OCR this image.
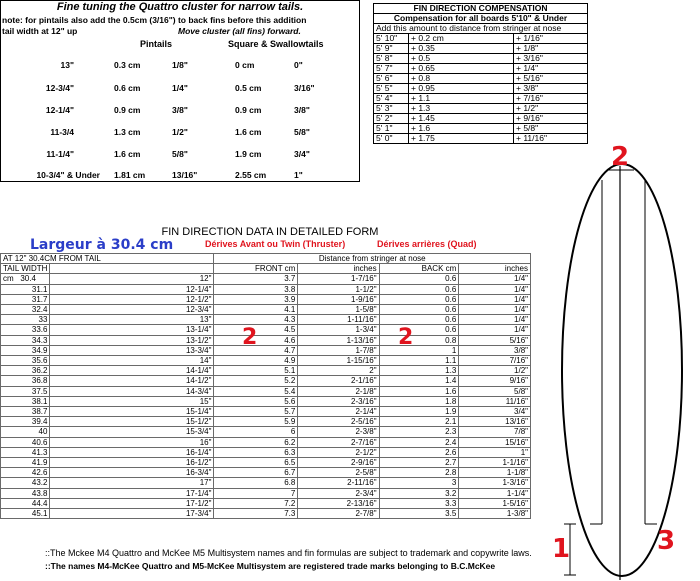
Fine tuning the Quattro cluster for narrow tails.
note: for pintails also add the 0.5cm (3/16") to back fins before this addition
tail width at 12" up	Move cluster (all fins) forward.
Pintails	Square & Swallowtails
13"	0.3 cm	1/8"	0 cm	0"
12-3/4"	0.6 cm	1/4"	0.5 cm	3/16"
12-1/4"	0.9 cm	3/8"	0.9 cm	3/8"
11-3/4	1.3 cm	1/2"	1.6 cm	5/8"
11-1/4"	1.6 cm	5/8"	1.9 cm	3/4"
10-3/4" & Under 1.81 cm	13/16"	2.55 cm	1"
FIN DIRECTION COMPENSATION		
Compensation for all boards 5'10" & Under		
Add this amount to distance from stringer at nose		
5' 10"	+ 0.2 cm	+ 1/16"
5' 9"	+ 0.35	+ 1/8"
5' 8"	+ 0.5	+ 3/16"
5' 7"	+ 0.65	+ 1/4"
5' 6"	+ 0.8	+ 5/16"
5' 5"	+ 0.95	+ 3/8"
5' 4"	+ 1.1	+ 7/16"
5' 3"	+ 1.3	+ 1/2"
5' 2"	+ 1.45	+ 9/16"
5' 1"	+ 1.6	+ 5/8"
5' 0"	+ 1.75	+ 11/16"
FIN DIRECTION DATA IN DETAILED FORM
Largeur à 30.4 cm	Dérives Avant ou Twin (Thruster)	Dérives arrières (Quad)
AT 12" 30.4CM FROM TAIL		Distance from stringer at nose			
TAIL WIDTH		FRONT cm	inches	BACK cm	inches
cm 30.4	12"	3.7	1-7/16"	0.6	1/4"
31.1	12-1/4"	3.8	1-1/2"	0.6	1/4"
31.7	12-1/2"	3.9	1-9/16"	0.6	1/4"
32.4	12-3/4"	4.1	1-5/8"	0.6	1/4"
33	13"	4.3	1-11/16"	0.6	1/4"
33.6	13-1/4"	4.5	1-3/4"	0.6	1/4"
34.3	13-1/2"	4.6	1-13/16"	0.8	5/16"
34.9	13-3/4"	4.7	1-7/8"	1	3/8"
35.6	14"	4.9	1-15/16"	1.1	7/16"
36.2	14-1/4"	5.1	2"	1.3	1/2"
36.8	14-1/2"	5.2	2-1/16"	1.4	9/16"
37.5	14-3/4"	5.4	2-1/8"	1.6	5/8"
38.1	15"	5.6	2-3/16"	1.8	11/16"
38.7	15-1/4"	5.7	2-1/4"	1.9	3/4"
39.4	15-1/2"	5.9	2-5/16"	2.1	13/16"
40	15-3/4"	6	2-3/8"	2.3	7/8"
40.6	16"	6.2	2-7/16"	2.4	15/16"
41.3	16-1/4"	6.3	2-1/2"	2.6	1"
41.9	16-1/2"	6.5	2-9/16"	2.7	1-1/16"
42.6	16-3/4"	6.7	2-5/8"	2.8	1-1/8"
43.2	17"	6.8	2-11/16"	3	1-3/16"
43.8	17-1/4"	7	2-3/4"	3.2	1-1/4"
44.4	17-1/2"	7.2	2-13/16"	3.3	1-5/16"
45.1	17-3/4"	7.3	2-7/8"	3.5	1-3/8"
2	2
::The Mckee M4 Quattro and McKee M5 Multisystem names and fin formulas are subject to trademark and copywrite laws.
::The names M4-McKee Quattro and M5-McKee Multisystem are registered trade marks belonging to B.C.McKee
2
1	3
